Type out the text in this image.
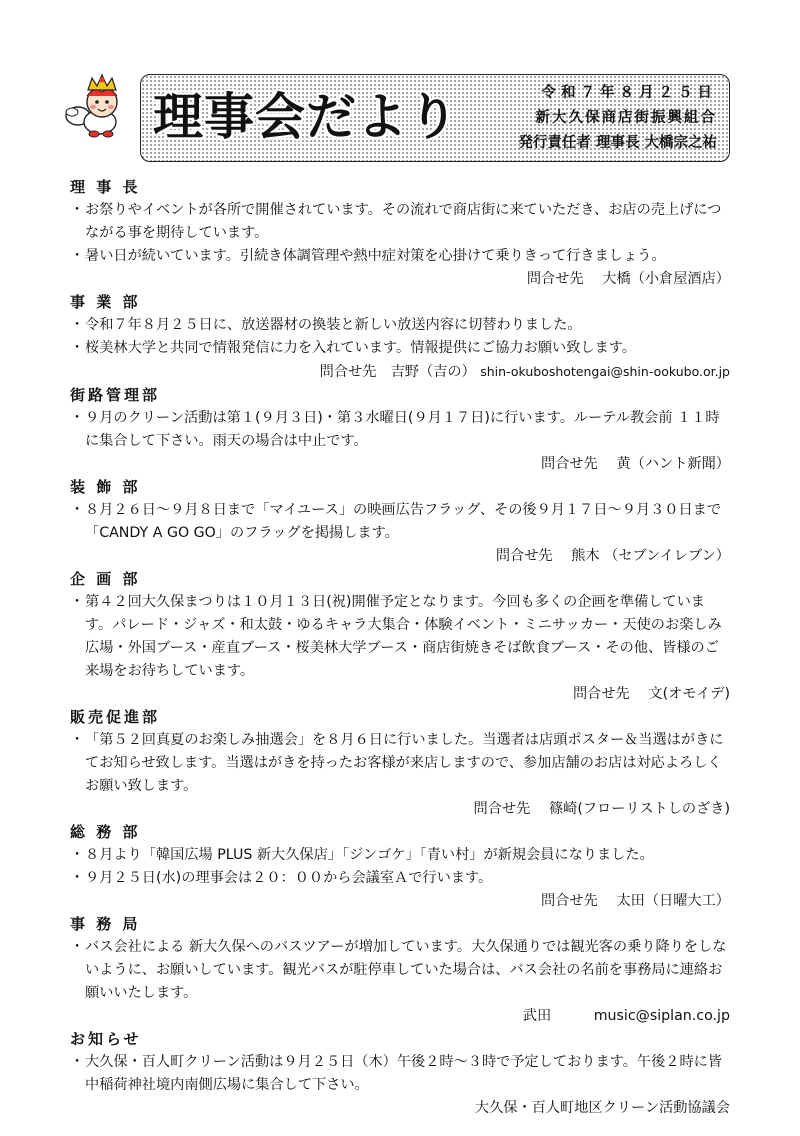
理事会だより	令和７年８月２５日
新大久保商店街振興組合
発行責任者 理事長 大橋宗之祐
理 事 長
・ お祭りやイベントが各所で開催されています。その流れで商店街に来ていただき、お店の売上げにつながる事を期待しています。
・ 暑い日が続いています。引続き体調管理や熱中症対策を心掛けて乗りきって行きましょう。
問合せ先　 大橋（小倉屋酒店）
事 業 部
・ 令和７年８月２５日に、放送器材の換装と新しい放送内容に切替わりました。
・ 桜美林大学と共同で情報発信に力を入れています。情報提供にご協力お願い致します。
問合せ先　吉野（吉の） shin-okuboshotengai@shin-ookubo.or.jp
街路管理部
・ ９月のクリーン活動は第１(９月３日)・第３水曜日(９月１７日)に行います。ルーテル教会前 １１時に集合して下さい。雨天の場合は中止です。
問合せ先　 黄（ハント新聞）
装 飾 部
・ ８月２６日～９月８日まで「マイユース」の映画広告フラッグ、その後９月１７日～９月３０日まで「CANDY A GO GO」のフラッグを掲揚します。
問合せ先　 熊木 （セブンイレブン）
企 画 部
・ 第４２回大久保まつりは１０月１３日(祝)開催予定となります。今回も多くの企画を準備しています。パレード・ジャズ・和太鼓・ゆるキャラ大集合・体験イベント・ミニサッカー・天使のお楽しみ広場・外国ブース・産直ブース・桜美林大学ブース・商店街焼きそば飲食ブース・その他、皆様のご来場をお待ちしています。
問合せ先　 文(オモイデ)
販売促進部
・ 「第５２回真夏のお楽しみ抽選会」を８月６日に行いました。当選者は店頭ポスター＆当選はがきにてお知らせ致します。当選はがきを持ったお客様が来店しますので、参加店舗のお店は対応よろしくお願い致します。
問合せ先　 篠崎(フローリストしのざき)
総 務 部
・ ８月より「韓国広場 PLUS 新大久保店」「ジンゴケ」「青い村」が新規会員になりました。
・ ９月２５日(水)の理事会は２０：００から会議室Ａで行います。
問合せ先　 太田（日曜大工）
事 務 局
・ バス会社による 新大久保へのバスツアーが増加しています。大久保通りでは観光客の乗り降りをしないように、お願いしています。観光バスが駐停車していた場合は、バス会社の名前を事務局に連絡お願いいたします。
武田　　　music@siplan.co.jp
お知らせ
・ 大久保・百人町クリーン活動は９月２５日（木）午後２時～３時で予定しております。午後２時に皆中稲荷神社境内南側広場に集合して下さい。
大久保・百人町地区クリーン活動協議会
